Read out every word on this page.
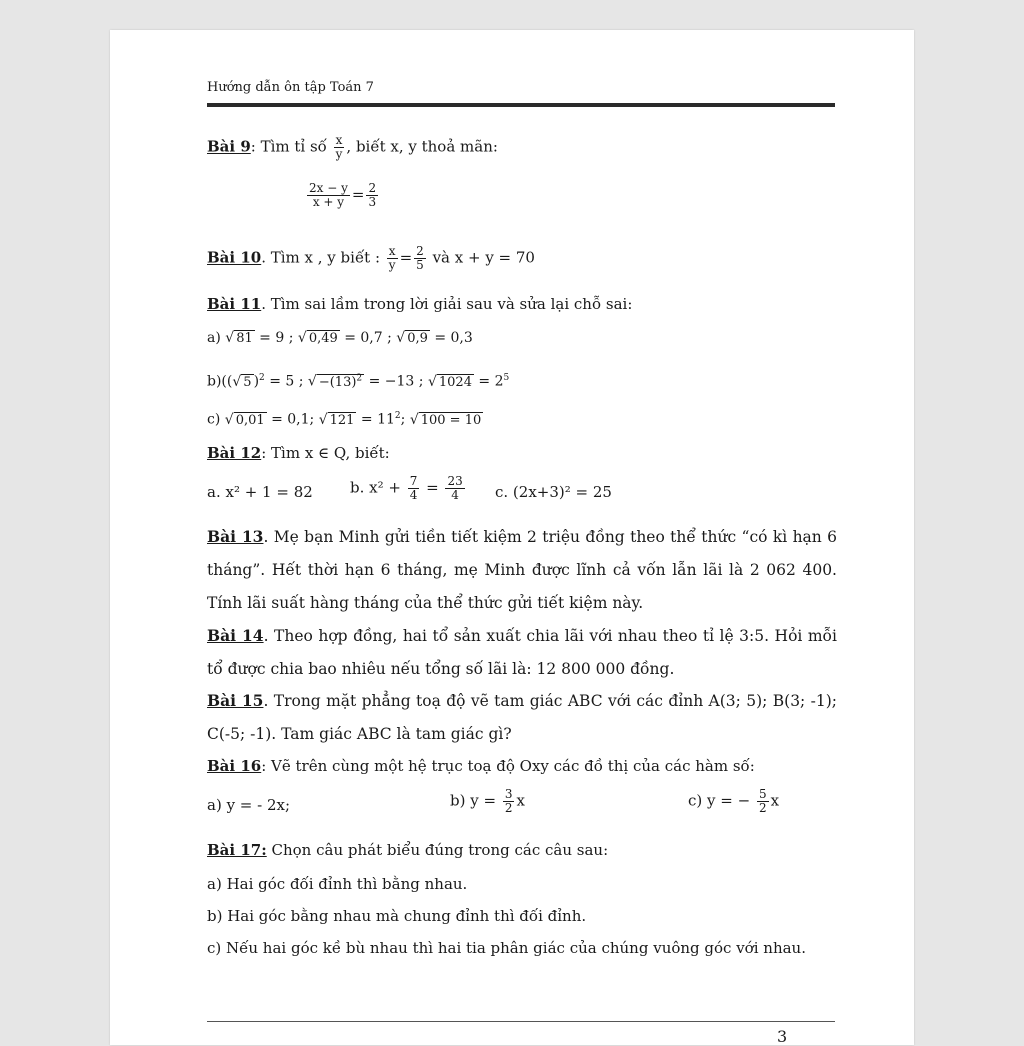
Hướng dẫn ôn tập Toán 7
Bài 9: Tìm tỉ số $\frac{x}{y}$ , biết x, y thoả mãn:
$\frac{2x - y}{x + y} = \frac{2}{3}$
Bài 10. Tìm x , y biết : $\frac{x}{y} = \frac{2}{5}$ và x + y = 70
Bài 11. Tìm sai lầm trong lời giải sau và sửa lại chỗ sai:
a) √ 81 = 9 ; √ 0,49 = 0,7 ; √ 0,9 = 0,3
b)((√ 5 )$^2$ = 5 ; √ $-(13)^2 = -13$ ; √ $1024 = 2^5$
c) √ 0,01 = 0,1; √ $121 = 11^2$; √ 100 = 10
Bài 12: Tìm x ∈ Q, biết:
a. x² + 1 = 82 b. $x^2 + \frac{7}{4} = \frac{23}{4} c$. (2x+3)² = 25
Bài 13. Mẹ bạn Minh gửi tiền tiết kiệm 2 triệu đồng theo thể thức “có kì hạn 6 tháng”. Hết thời hạn 6 tháng, mẹ Minh được lĩnh cả vốn lẫn lãi là 2 062 400. Tính lãi suất hàng tháng của thể thức gửi tiết kiệm này.
Bài 14. Theo hợp đồng, hai tổ sản xuất chia lãi với nhau theo tỉ lệ 3:5. Hỏi mỗi tổ được chia bao nhiêu nếu tổng số lãi là: 12 800 000 đồng.
Bài 15. Trong mặt phẳng toạ độ vẽ tam giác ABC với các đỉnh A(3; 5); B(3; -1); C(-5; -1). Tam giác ABC là tam giác gì?
Bài 16: Vẽ trên cùng một hệ trục toạ độ Oxy các đồ thị của các hàm số:
a) y = - 2x;	b) $y = \frac{3}{2}$ x	c) y = − $\frac{5}{2}$ x
Bài 17: Chọn câu phát biểu đúng trong các câu sau:
a) Hai góc đối đỉnh thì bằng nhau.
b) Hai góc bằng nhau mà chung đỉnh thì đối đỉnh.
c) Nếu hai góc kề bù nhau thì hai tia phân giác của chúng vuông góc với nhau.
3
